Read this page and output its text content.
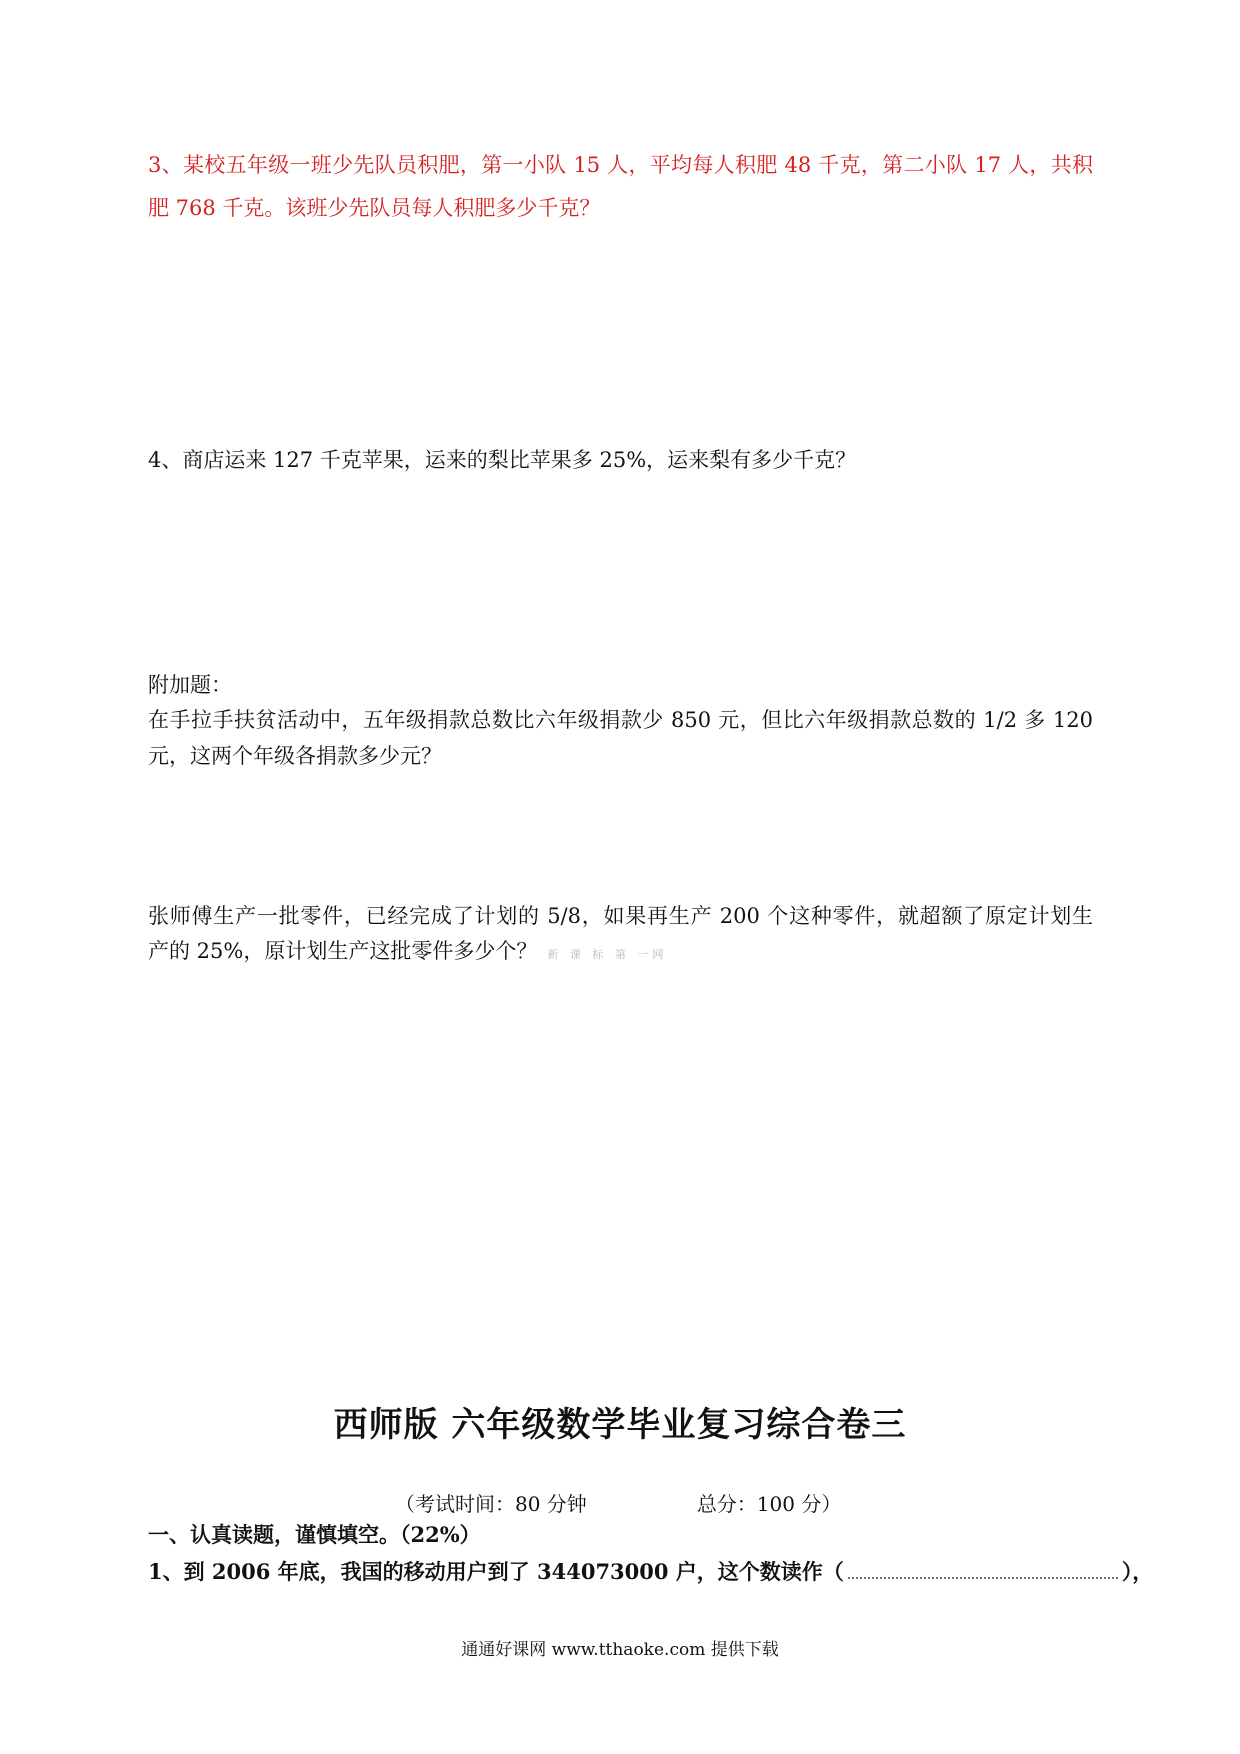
3、某校五年级一班少先队员积肥，第一小队 15 人，平均每人积肥 48 千克，第二小队 17 人，共积
肥 768 千克。该班少先队员每人积肥多少千克？
4、商店运来 127 千克苹果，运来的梨比苹果多 25%，运来梨有多少千克？
附加题：
在手拉手扶贫活动中，五年级捐款总数比六年级捐款少 850 元，但比六年级捐款总数的 1/2 多 120
元，这两个年级各捐款多少元？
张师傅生产一批零件，已经完成了计划的 5/8，如果再生产 200 个这种零件，就超额了原定计划生
产的 25%，原计划生产这批零件多少个？ 新 课 标 第 一网
西师版 六年级数学毕业复习综合卷三
（考试时间：80 分钟	总分：100 分）
一、认真读题，谨慎填空。（22%）
1、到 2006 年底，我国的移动用户到了 344073000 户，这个数读作（	），
通通好课网 www.tthaoke.com 提供下载
